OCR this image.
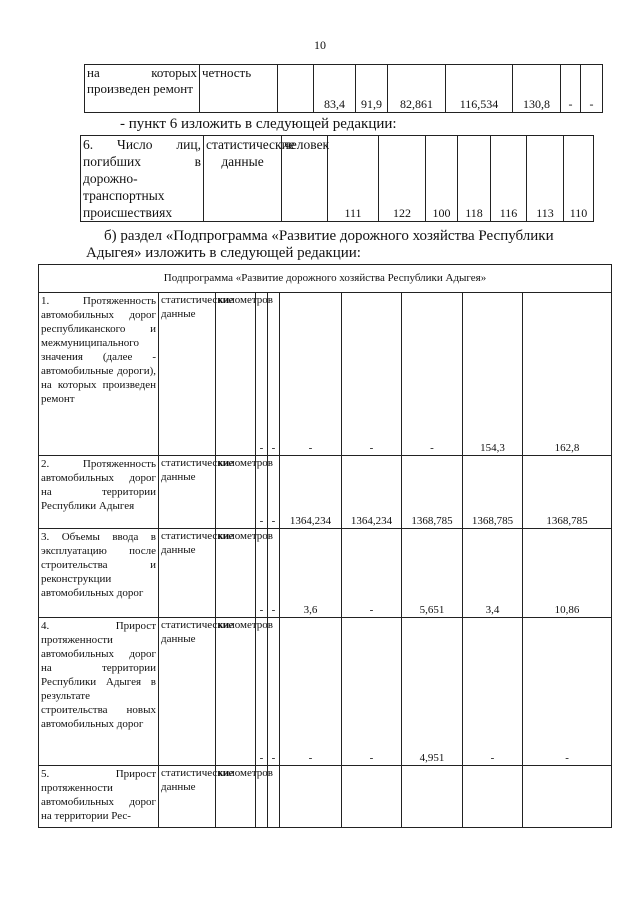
10
на которых произведен ремонт	четность		83,4	91,9	82,861	116,534	130,8	-	-
- пункт 6 изложить в следующей редакции:
6. Число лиц, погибших в дорожно-транспортных происшествиях	статистические данные	человек	111	122	100	118	116	113	110
б) раздел «Подпрограмма «Развитие дорожного хозяйства Республики Адыгея» изложить в следующей редакции:
Подпрограмма «Развитие дорожного хозяйства Республики Адыгея»									
1. Протяженность автомобильных дорог республиканского и межмуниципального значения (далее - автомобильные дороги), на которых произведен ремонт	статистические данные	километров	-	-	-	-	-	154,3	162,8
2. Протяженность автомобильных дорог на территории Республики Адыгея	статистические данные	километров	-	-	1364,234	1364,234	1368,785	1368,785	1368,785
3. Объемы ввода в эксплуатацию после строительства и реконструкции автомобильных дорог	статистические данные	километров	-	-	3,6	-	5,651	3,4	10,86
4. Прирост протяженности автомобильных дорог на территории Республики Адыгея в результате строительства новых автомобильных дорог	статистические данные	километров	-	-	-	-	4,951	-	-
5. Прирост протяженности автомобильных дорог на территории Рес-	статистические данные	километров							
